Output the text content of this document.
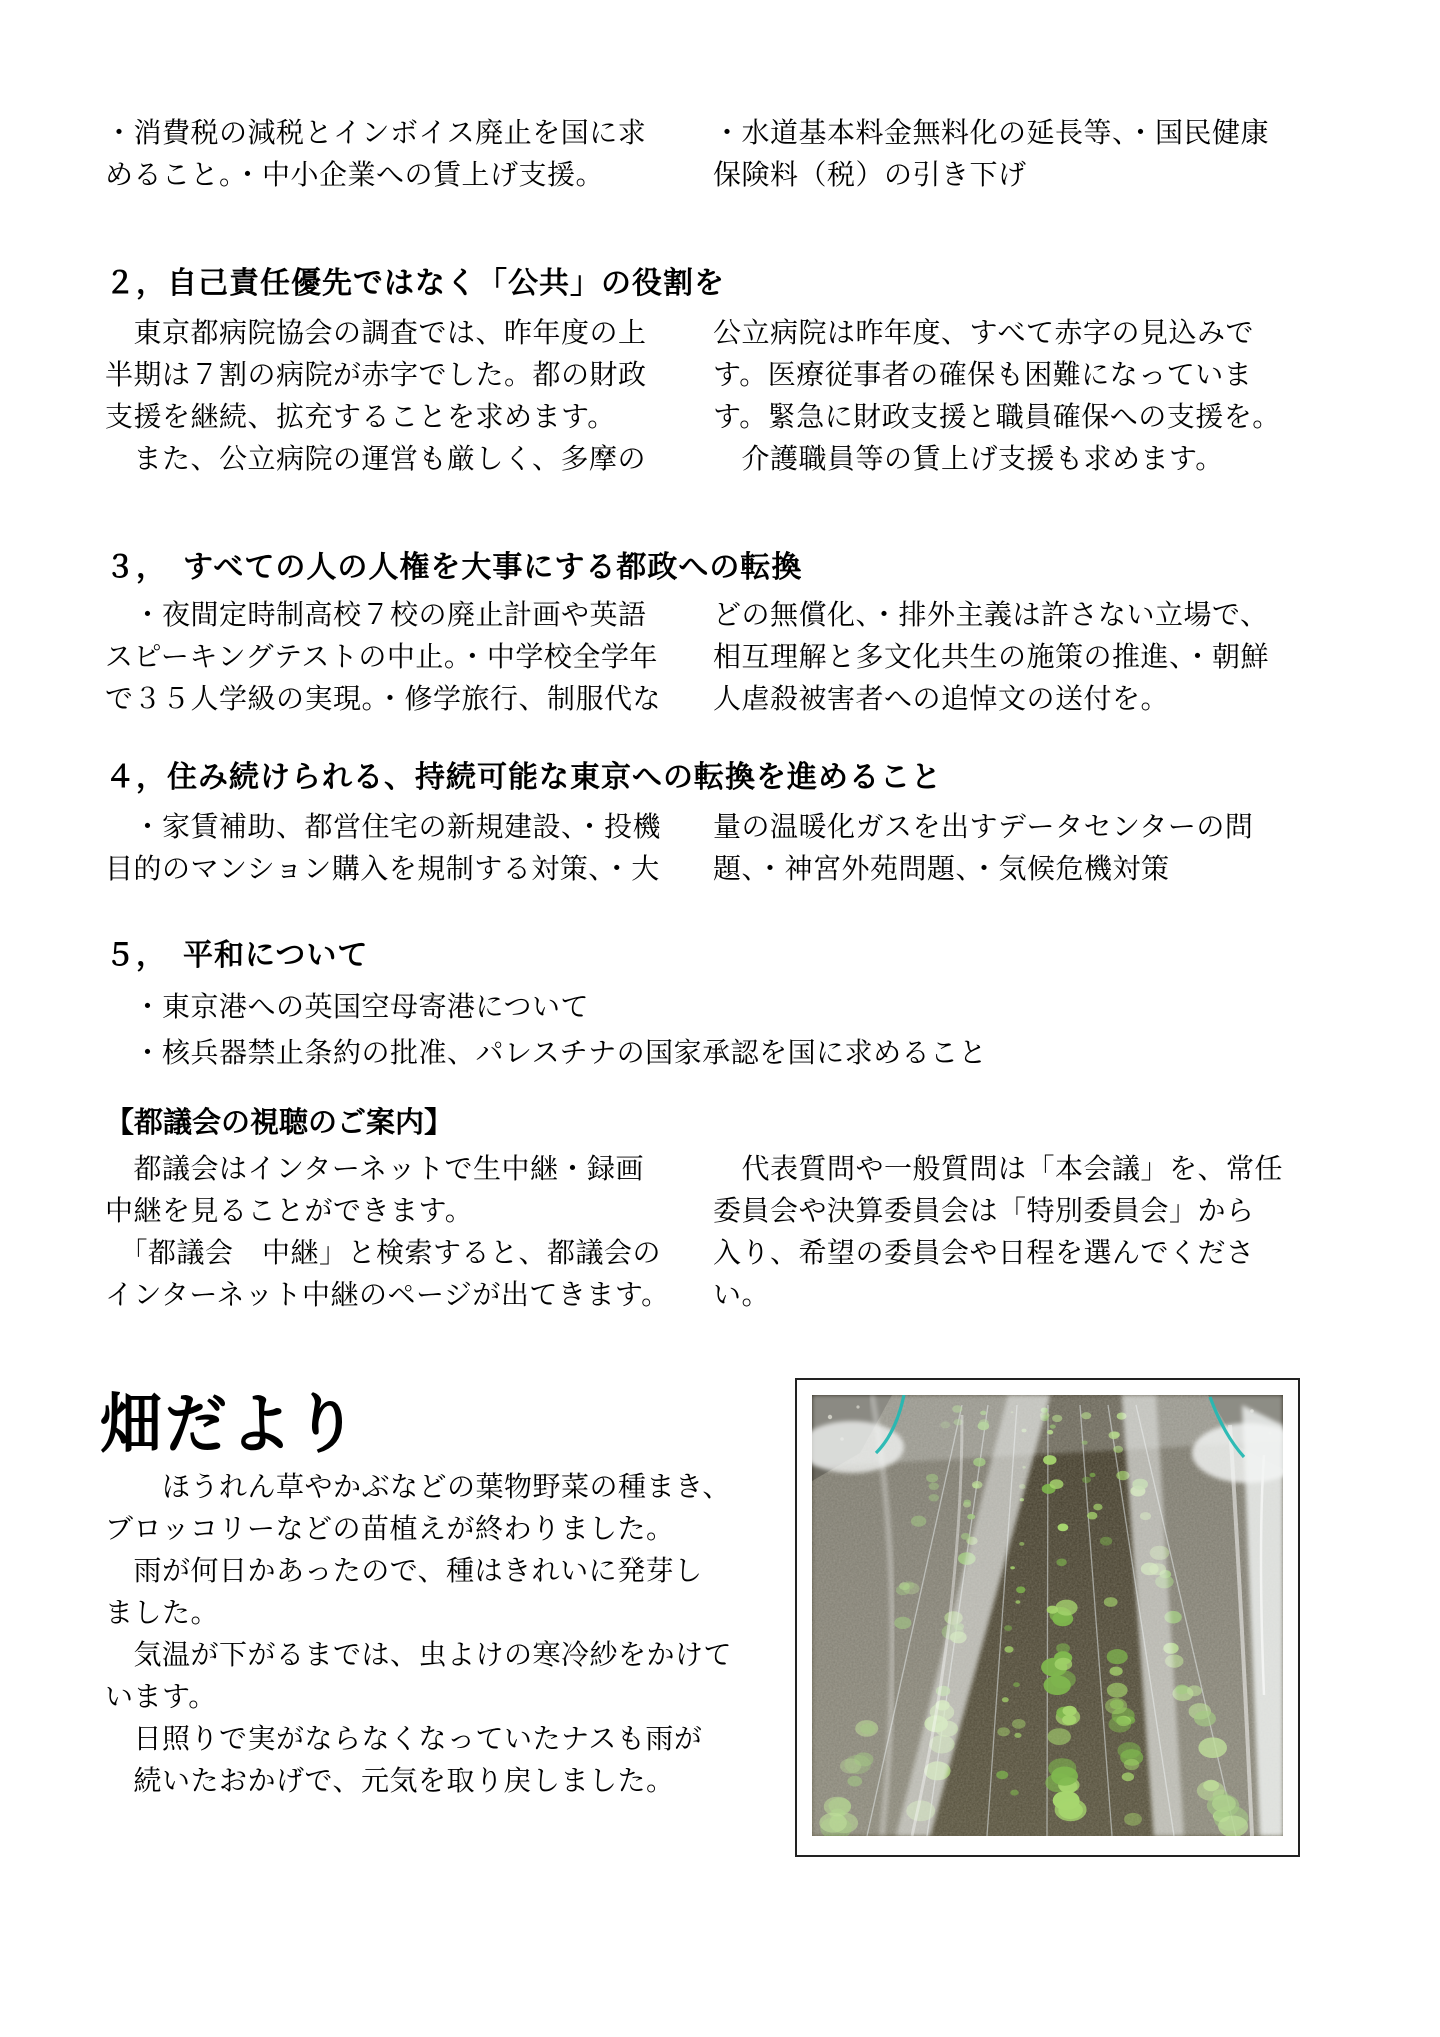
・消費税の減税とインボイス廃止を国に求
めること。・中小企業への賃上げ支援。
・水道基本料金無料化の延長等、・国民健康
保険料（税）の引き下げ
２，自己責任優先ではなく「公共」の役割を
　東京都病院協会の調査では、昨年度の上
半期は７割の病院が赤字でした。都の財政
支援を継続、拡充することを求めます。
　また、公立病院の運営も厳しく、多摩の
公立病院は昨年度、すべて赤字の見込みで
す。医療従事者の確保も困難になっていま
す。緊急に財政支援と職員確保への支援を。
　介護職員等の賃上げ支援も求めます。
３，　すべての人の人権を大事にする都政への転換
　・夜間定時制高校７校の廃止計画や英語
スピーキングテストの中止。・中学校全学年
で３５人学級の実現。・修学旅行、制服代な
どの無償化、・排外主義は許さない立場で、
相互理解と多文化共生の施策の推進、・朝鮮
人虐殺被害者への追悼文の送付を。
４，住み続けられる、持続可能な東京への転換を進めること
　・家賃補助、都営住宅の新規建設、・投機
目的のマンション購入を規制する対策、・大
量の温暖化ガスを出すデータセンターの問
題、・神宮外苑問題、・気候危機対策
５，　平和について
　・東京港への英国空母寄港について
　・核兵器禁止条約の批准、パレスチナの国家承認を国に求めること
【都議会の視聴のご案内】
　都議会はインターネットで生中継・録画
中継を見ることができます。
　「都議会　中継」と検索すると、都議会の
インターネット中継のページが出てきます。
　代表質問や一般質問は「本会議」を、常任
委員会や決算委員会は「特別委員会」から
入り、希望の委員会や日程を選んでくださ
い。
畑だより
　　ほうれん草やかぶなどの葉物野菜の種まき、
ブロッコリーなどの苗植えが終わりました。
　雨が何日かあったので、種はきれいに発芽し
ました。
　気温が下がるまでは、虫よけの寒冷紗をかけて
います。
　日照りで実がならなくなっていたナスも雨が
　続いたおかげで、元気を取り戻しました。
